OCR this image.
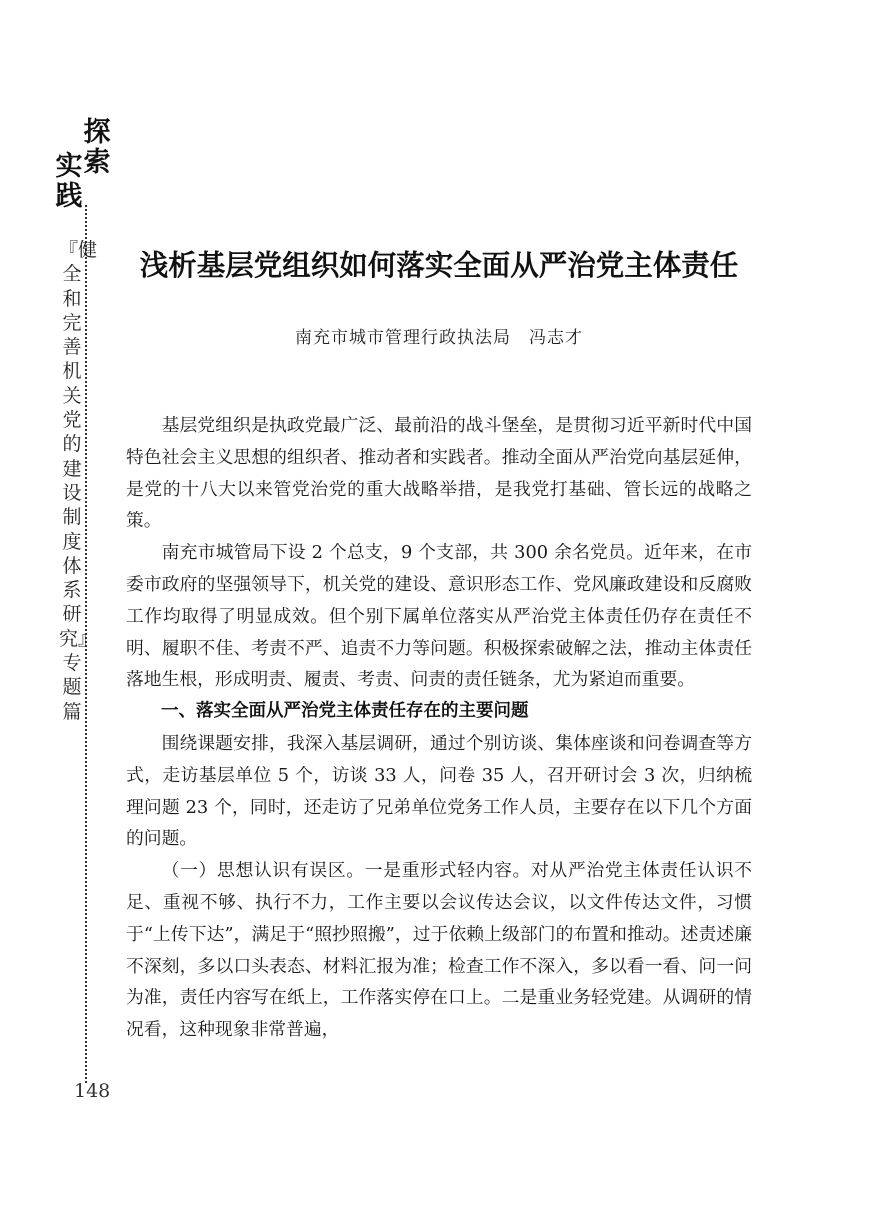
探索
实践
『健全和完善机关党的建设制度体系研究』专题篇
148
浅析基层党组织如何落实全面从严治党主体责任
南充市城市管理行政执法局 冯志才

基层党组织是执政党最广泛、最前沿的战斗堡垒，是贯彻习近平新时代中国特色社会主义思想的组织者、推动者和实践者。推动全面从严治党向基层延伸，是党的十八大以来管党治党的重大战略举措，是我党打基础、管长远的战略之策。

南充市城管局下设 2 个总支，9 个支部，共 300 余名党员。近年来，在市委市政府的坚强领导下，机关党的建设、意识形态工作、党风廉政建设和反腐败工作均取得了明显成效。但个别下属单位落实从严治党主体责任仍存在责任不明、履职不佳、考责不严、追责不力等问题。积极探索破解之法，推动主体责任落地生根，形成明责、履责、考责、问责的责任链条，尤为紧迫而重要。

一、落实全面从严治党主体责任存在的主要问题

围绕课题安排，我深入基层调研，通过个别访谈、集体座谈和问卷调查等方式，走访基层单位 5 个，访谈 33 人，问卷 35 人，召开研讨会 3 次，归纳梳理问题 23 个，同时，还走访了兄弟单位党务工作人员，主要存在以下几个方面的问题。

（一）思想认识有误区。一是重形式轻内容。对从严治党主体责任认识不足、重视不够、执行不力，工作主要以会议传达会议，以文件传达文件，习惯于“上传下达”，满足于“照抄照搬”，过于依赖上级部门的布置和推动。述责述廉不深刻，多以口头表态、材料汇报为准；检查工作不深入，多以看一看、问一问为准，责任内容写在纸上，工作落实停在口上。二是重业务轻党建。从调研的情况看，这种现象非常普遍，
